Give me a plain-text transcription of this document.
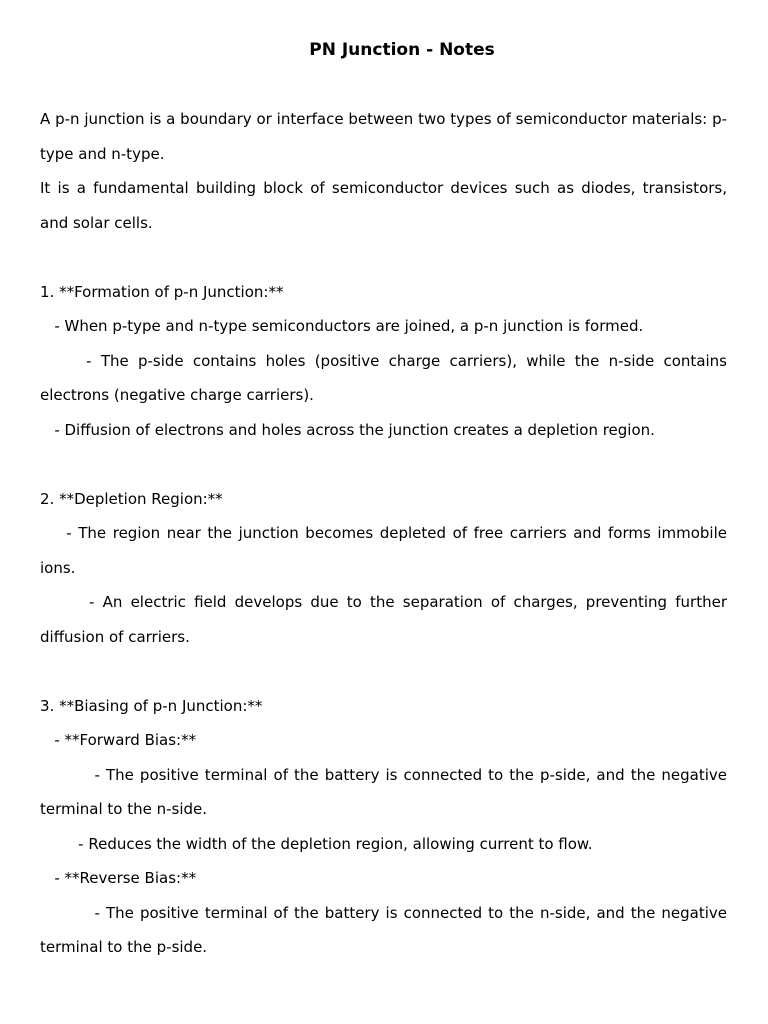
PN Junction - Notes

A p-n junction is a boundary or interface between two types of semiconductor materials: p-type and n-type.

It is a fundamental building block of semiconductor devices such as diodes, transistors, and solar cells.

1. **Formation of p-n Junction:**

- When p-type and n-type semiconductors are joined, a p-n junction is formed.

- The p-side contains holes (positive charge carriers), while the n-side contains electrons (negative charge carriers).

- Diffusion of electrons and holes across the junction creates a depletion region.

2. **Depletion Region:**

- The region near the junction becomes depleted of free carriers and forms immobile ions.

- An electric field develops due to the separation of charges, preventing further diffusion of carriers.

3. **Biasing of p-n Junction:**

- **Forward Bias:**

- The positive terminal of the battery is connected to the p-side, and the negative terminal to the n-side.

- Reduces the width of the depletion region, allowing current to flow.

- **Reverse Bias:**

- The positive terminal of the battery is connected to the n-side, and the negative terminal to the p-side.
